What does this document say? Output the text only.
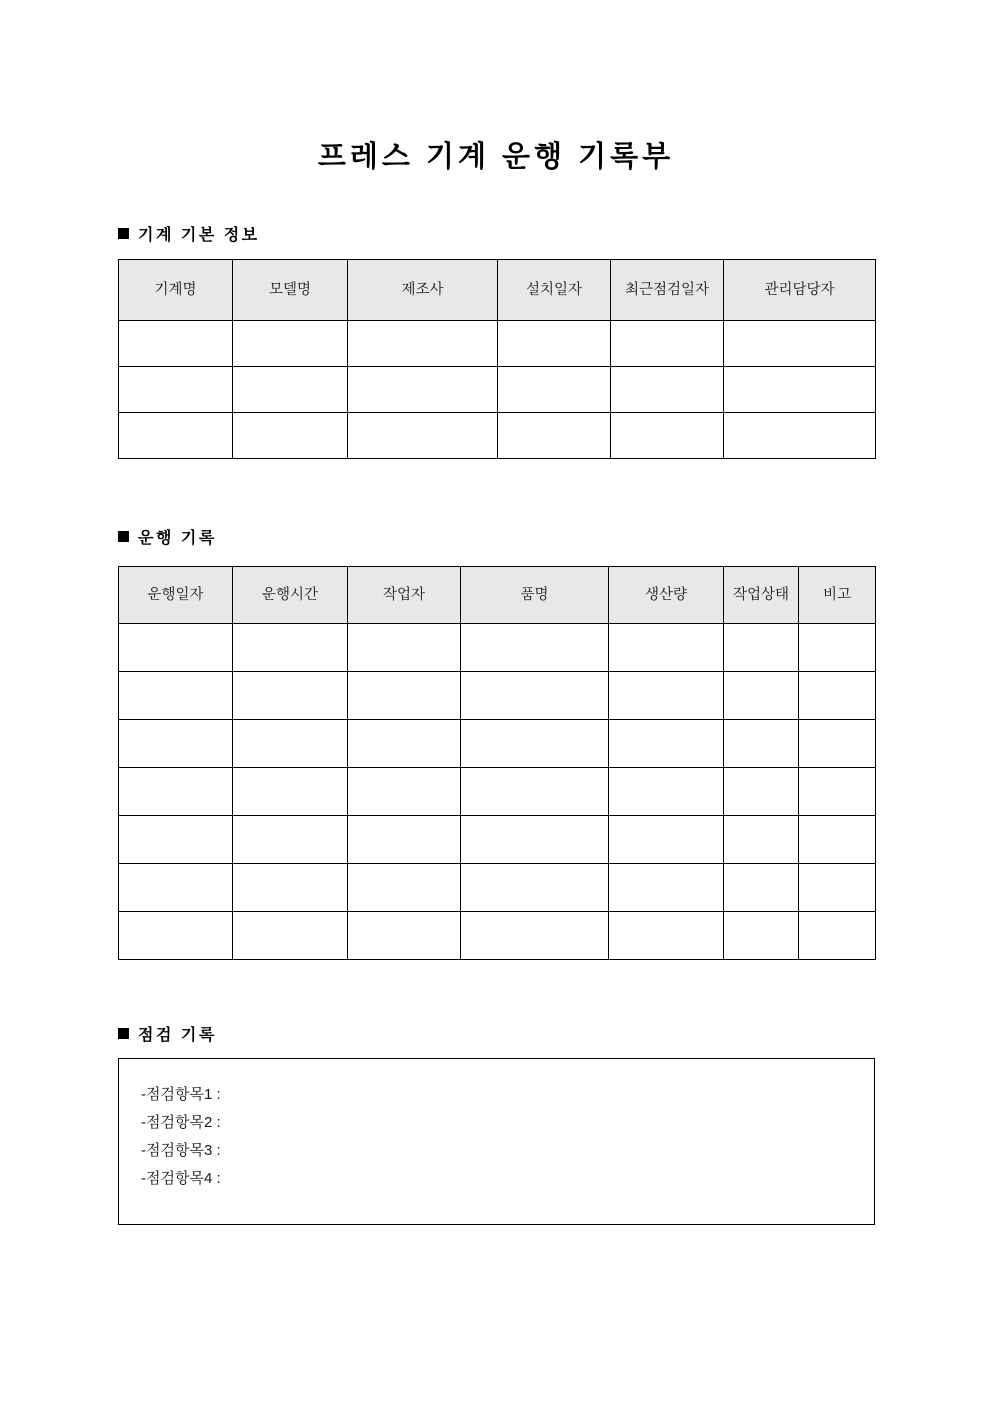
프레스 기계 운행 기록부
기계 기본 정보
기계명	모델명	제조사	설치일자	최근점검일자	관리담당자

운행 기록
운행일자	운행시간	작업자	품명	생산량	작업상태	비고

점검 기록
-점검항목1 :
-점검항목2 :
-점검항목3 :
-점검항목4 :
